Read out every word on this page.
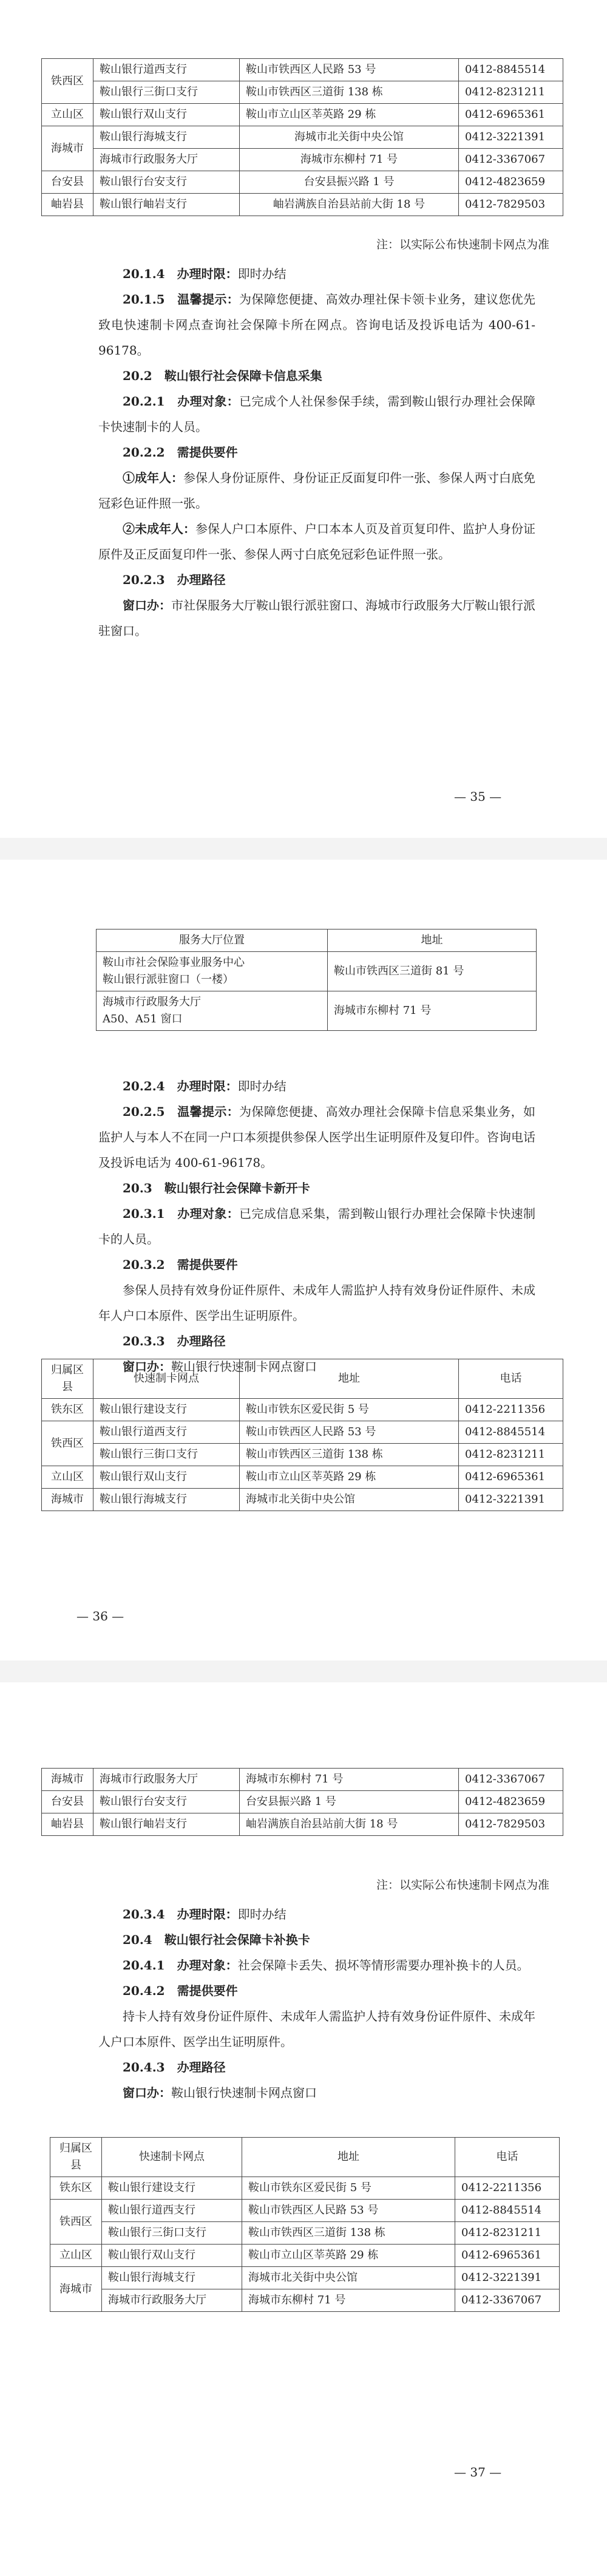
铁西区	鞍山银行道西支行	鞍山市铁西区人民路 53 号	0412-8845514
	鞍山银行三街口支行	鞍山市铁西区三道街 138 栋	0412-8231211
立山区	鞍山银行双山支行	鞍山市立山区莘英路 29 栋	0412-6965361
海城市	鞍山银行海城支行	海城市北关街中央公馆	0412-3221391
	海城市行政服务大厅	海城市东柳村 71 号	0412-3367067
台安县	鞍山银行台安支行	台安县振兴路 1 号	0412-4823659
岫岩县	鞍山银行岫岩支行	岫岩满族自治县站前大街 18 号	0412-7829503
注：以实际公布快速制卡网点为准

20.1.4　办理时限：即时办结

20.1.5　温馨提示：为保障您便捷、高效办理社保卡领卡业务，建议您优先致电快速制卡网点查询社会保障卡所在网点。咨询电话及投诉电话为 400-61-96178。

20.2　鞍山银行社会保障卡信息采集

20.2.1　办理对象：已完成个人社保参保手续，需到鞍山银行办理社会保障卡快速制卡的人员。

20.2.2　需提供要件

①成年人：参保人身份证原件、身份证正反面复印件一张、参保人两寸白底免冠彩色证件照一张。

②未成年人：参保人户口本原件、户口本本人页及首页复印件、监护人身份证原件及正反面复印件一张、参保人两寸白底免冠彩色证件照一张。

20.2.3　办理路径

窗口办：市社保服务大厅鞍山银行派驻窗口、海城市行政服务大厅鞍山银行派驻窗口。

— 35 —
服务大厅位置	地址

鞍山市社会保险事业服务中心
鞍山银行派驻窗口（一楼）	鞍山市铁西区三道街 81 号

海城市行政服务大厅
A50、A51 窗口	海城市东柳村 71 号

20.2.4　办理时限：即时办结

20.2.5　温馨提示：为保障您便捷、高效办理社会保障卡信息采集业务，如监护人与本人不在同一户口本须提供参保人医学出生证明原件及复印件。咨询电话及投诉电话为 400-61-96178。

20.3　鞍山银行社会保障卡新开卡

20.3.1　办理对象：已完成信息采集，需到鞍山银行办理社会保障卡快速制卡的人员。

20.3.2　需提供要件

参保人员持有效身份证件原件、未成年人需监护人持有效身份证件原件、未成年人户口本原件、医学出生证明原件。

20.3.3　办理路径

窗口办：鞍山银行快速制卡网点窗口

归属区县	快速制卡网点	地址	电话
铁东区	鞍山银行建设支行	鞍山市铁东区爱民街 5 号	0412-2211356
铁西区	鞍山银行道西支行	鞍山市铁西区人民路 53 号	0412-8845514
	鞍山银行三街口支行	鞍山市铁西区三道街 138 栋	0412-8231211
立山区	鞍山银行双山支行	鞍山市立山区莘英路 29 栋	0412-6965361
海城市	鞍山银行海城支行	海城市北关街中央公馆	0412-3221391
— 36 —
海城市	海城市行政服务大厅	海城市东柳村 71 号	0412-3367067
台安县	鞍山银行台安支行	台安县振兴路 1 号	0412-4823659
岫岩县	鞍山银行岫岩支行	岫岩满族自治县站前大街 18 号	0412-7829503
注：以实际公布快速制卡网点为准

20.3.4　办理时限：即时办结

20.4　鞍山银行社会保障卡补换卡

20.4.1　办理对象：社会保障卡丢失、损坏等情形需要办理补换卡的人员。

20.4.2　需提供要件

持卡人持有效身份证件原件、未成年人需监护人持有效身份证件原件、未成年人户口本原件、医学出生证明原件。

20.4.3　办理路径

窗口办：鞍山银行快速制卡网点窗口

归属区县	快速制卡网点	地址	电话
铁东区	鞍山银行建设支行	鞍山市铁东区爱民街 5 号	0412-2211356
铁西区	鞍山银行道西支行	鞍山市铁西区人民路 53 号	0412-8845514
	鞍山银行三街口支行	鞍山市铁西区三道街 138 栋	0412-8231211
立山区	鞍山银行双山支行	鞍山市立山区莘英路 29 栋	0412-6965361
海城市	鞍山银行海城支行	海城市北关街中央公馆	0412-3221391
	海城市行政服务大厅	海城市东柳村 71 号	0412-3367067
— 37 —
